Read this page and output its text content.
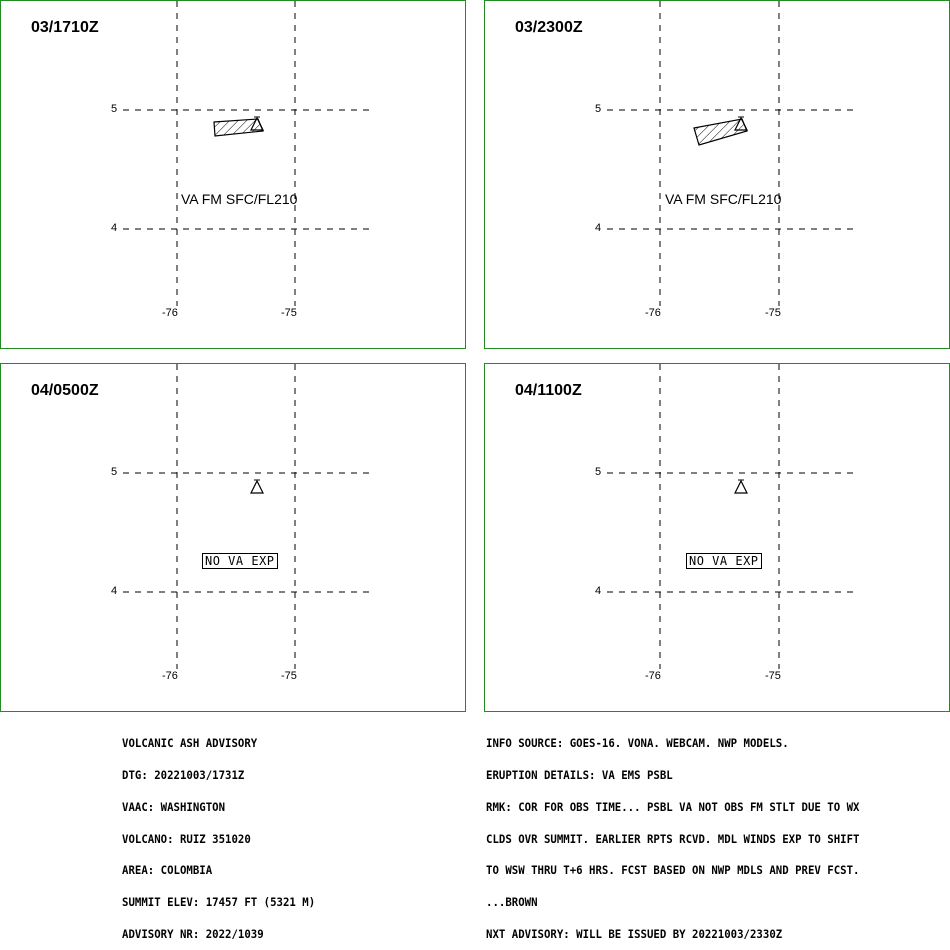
03/1710Z
5
4
-76	-75
VA FM SFC/FL210
03/2300Z
5
4
-76	-75
VA FM SFC/FL210
04/0500Z
5
4
-76	-75
NO VA EXP
04/1100Z
5
4
-76	-75
NO VA EXP

VOLCANIC ASH ADVISORY

DTG: 20221003/1731Z

VAAC: WASHINGTON

VOLCANO: RUIZ 351020

AREA: COLOMBIA

SUMMIT ELEV: 17457 FT (5321 M)

ADVISORY NR: 2022/1039

INFO SOURCE: GOES-16. VONA. WEBCAM. NWP MODELS.

ERUPTION DETAILS: VA EMS PSBL

RMK: COR FOR OBS TIME... PSBL VA NOT OBS FM STLT DUE TO WX

CLDS OVR SUMMIT. EARLIER RPTS RCVD. MDL WINDS EXP TO SHIFT

TO WSW THRU T+6 HRS. FCST BASED ON NWP MDLS AND PREV FCST.

...BROWN

NXT ADVISORY: WILL BE ISSUED BY 20221003/2330Z
